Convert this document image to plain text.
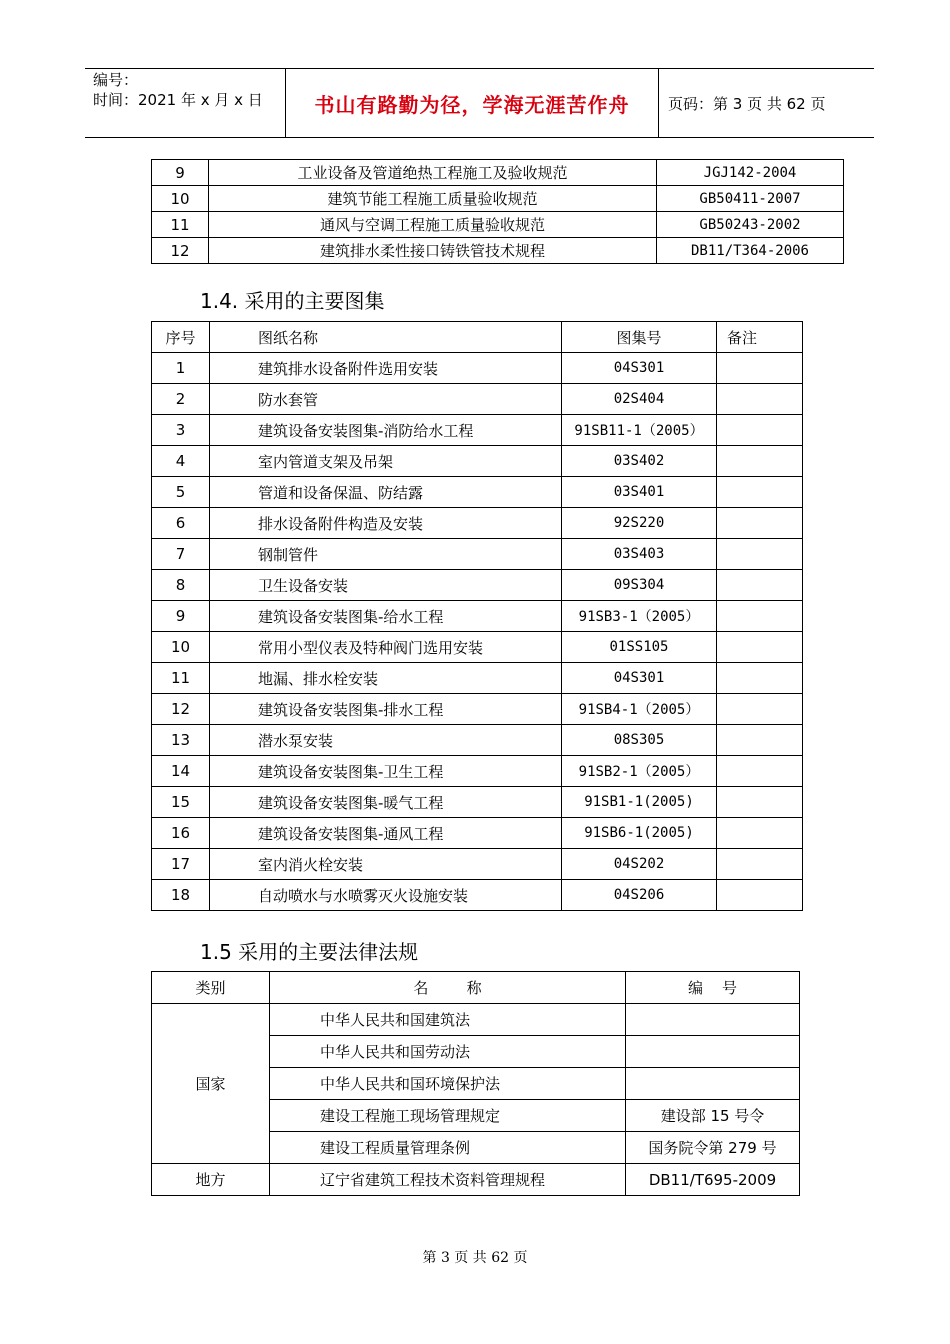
编号：
时间：2021 年 x 月 x 日	书山有路勤为径，学海无涯苦作舟	页码：第 3 页 共 62 页
9	工业设备及管道绝热工程施工及验收规范	JGJ142-2004
10	建筑节能工程施工质量验收规范	GB50411-2007
11	通风与空调工程施工质量验收规范	GB50243-2002
12	建筑排水柔性接口铸铁管技术规程	DB11/T364-2006
1.4. 采用的主要图集
序号	图纸名称	图集号	备注
1	建筑排水设备附件选用安装	04S301	
2	防水套管	02S404	
3	建筑设备安装图集-消防给水工程	91SB11-1（2005）	
4	室内管道支架及吊架	03S402	
5	管道和设备保温、防结露	03S401	
6	排水设备附件构造及安装	92S220	
7	钢制管件	03S403	
8	卫生设备安装	09S304	
9	建筑设备安装图集-给水工程	91SB3-1（2005）	
10	常用小型仪表及特种阀门选用安装	01SS105	
11	地漏、排水栓安装	04S301	
12	建筑设备安装图集-排水工程	91SB4-1（2005）	
13	潜水泵安装	08S305	
14	建筑设备安装图集-卫生工程	91SB2-1（2005）	
15	建筑设备安装图集-暖气工程	91SB1-1(2005)	
16	建筑设备安装图集-通风工程	91SB6-1(2005)	
17	室内消火栓安装	04S202	
18	自动喷水与水喷雾灭火设施安装	04S206	
1.5 采用的主要法律法规
类别	名        称	编    号
国家	中华人民共和国建筑法	
	中华人民共和国劳动法	
	中华人民共和国环境保护法	
	建设工程施工现场管理规定	建设部 15 号令
	建设工程质量管理条例	国务院令第 279 号
地方	辽宁省建筑工程技术资料管理规程	DB11/T695-2009
第 3 页 共 62 页
